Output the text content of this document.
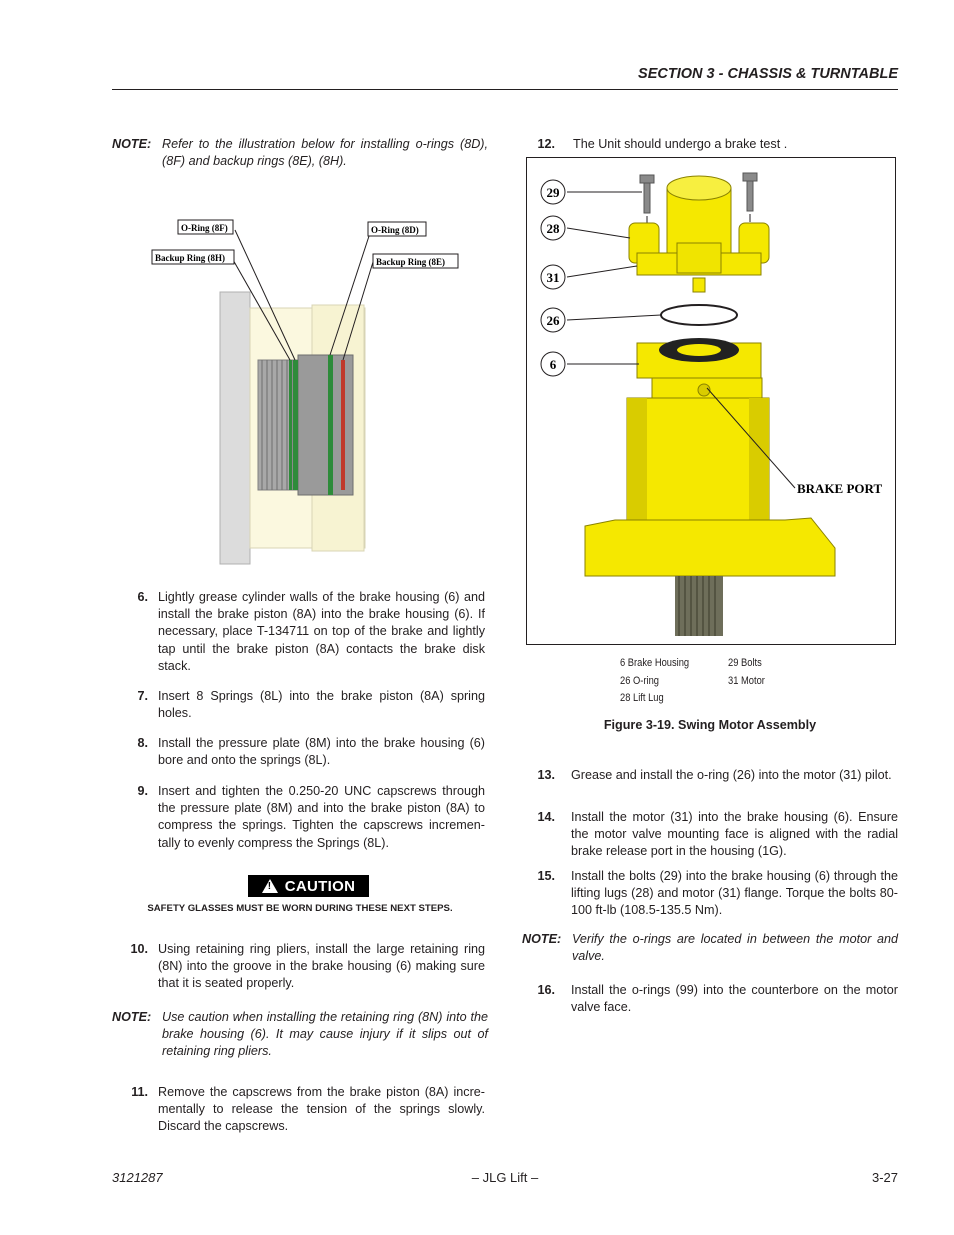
SECTION 3 - CHASSIS & TURNTABLE
NOTE: Refer to the illustration below for installing o-rings (8D), (8F) and backup rings (8E), (8H).
O-Ring (8F)
Backup Ring (8H)
O-Ring (8D)
Backup Ring (8E)
6. Lightly grease cylinder walls of the brake housing (6) and install the brake piston (8A) into the brake housing (6). If necessary, place T-134711 on top of the brake and lightly tap until the brake piston (8A) contacts the brake disk stack.
7. Insert 8 Springs (8L) into the brake piston (8A) spring holes.
8. Install the pressure plate (8M) into the brake housing (6) bore and onto the springs (8L).
9. Insert and tighten the 0.250-20 UNC capscrews through the pressure plate (8M) and into the brake piston (8A) to compress the springs. Tighten the capscrews incremen-tally to evenly compress the Springs (8L).
! CAUTION
SAFETY GLASSES MUST BE WORN DURING THESE NEXT STEPS.
10. Using retaining ring pliers, install the large retaining ring (8N) into the groove in the brake housing (6) making sure that it is seated properly.
NOTE: Use caution when installing the retaining ring (8N) into the brake housing (6). It may cause injury if it slips out of retaining ring pliers.
11. Remove the capscrews from the brake piston (8A) incre-mentally to release the tension of the springs slowly. Discard the capscrews.
12. The Unit should undergo a brake test .
29
28
31
26
6
BRAKE PORT
6 Brake Housing
26 O-ring
28 Lift Lug
29 Bolts
31 Motor
Figure 3-19. Swing Motor Assembly
13. Grease and install the o-ring (26) into the motor (31) pilot.
14. Install the motor (31) into the brake housing (6). Ensure the motor valve mounting face is aligned with the radial brake release port in the housing (1G).
15. Install the bolts (29) into the brake housing (6) through the lifting lugs (28) and motor (31) flange. Torque the bolts 80-100 ft-lb (108.5-135.5 Nm).
NOTE: Verify the o-rings are located in between the motor and valve.
16. Install the o-rings (99) into the counterbore on the motor valve face.
3121287	– JLG Lift –	3-27
